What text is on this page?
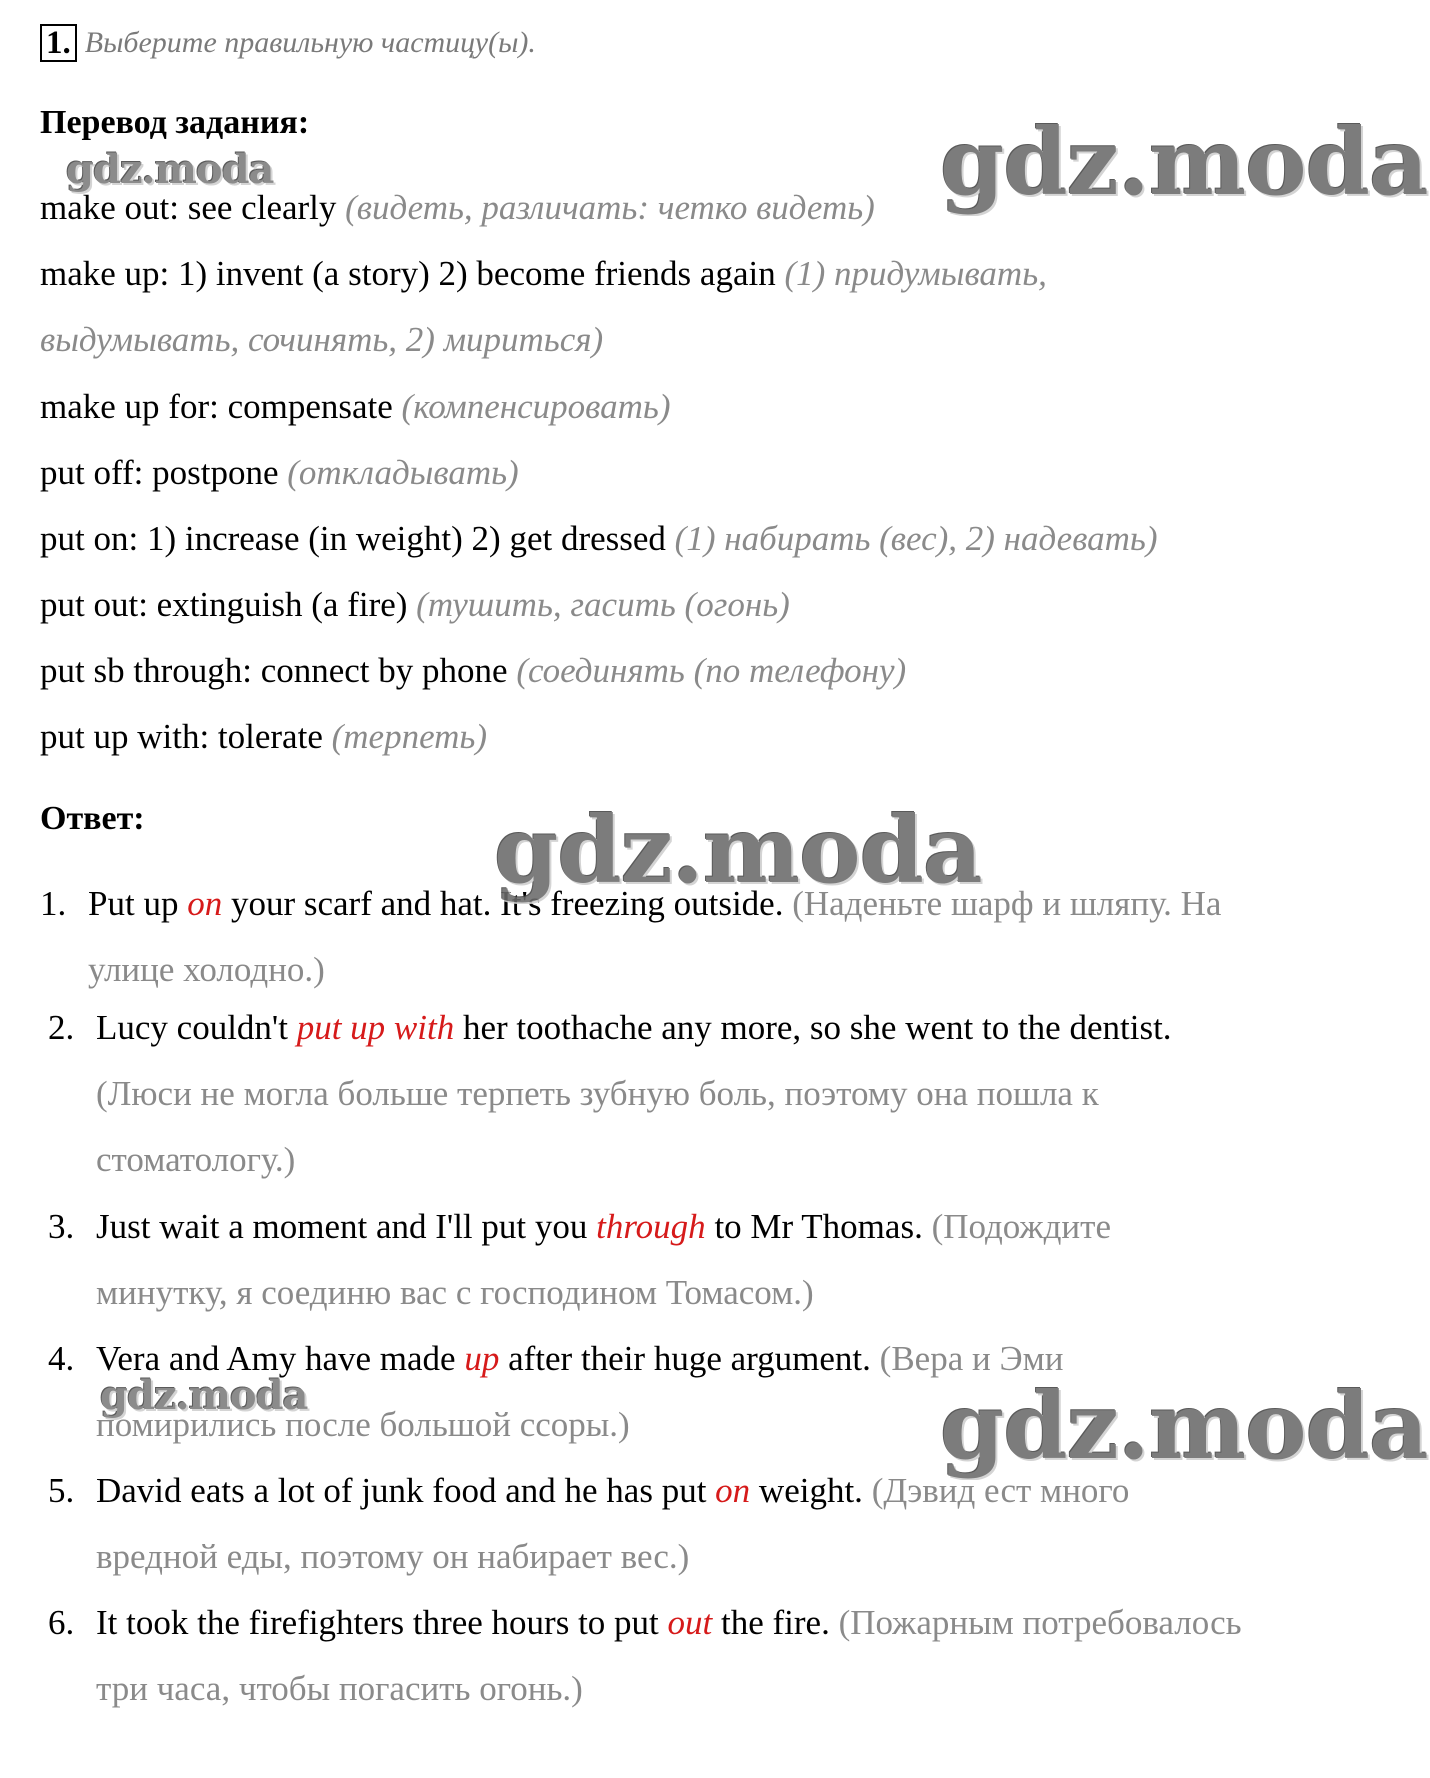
1. Выберите правильную частицу(ы).
Перевод задания:
make out: see clearly (видеть, различать: четко видеть)
make up: 1) invent (a story) 2) become friends again (1) придумывать,
выдумывать, сочинять, 2) мириться)
make up for: compensate (компенсировать)
put off: postpone (откладывать)
put on: 1) increase (in weight) 2) get dressed (1) набирать (вес), 2) надевать)
put out: extinguish (a fire) (тушить, гасить (огонь)
put sb through: connect by phone (соединять (по телефону)
put up with: tolerate (терпеть)
Ответ:
1. Put up on your scarf and hat. It's freezing outside. (Наденьте шарф и шляпу. На
улице холодно.)
2. Lucy couldn't put up with her toothache any more, so she went to the dentist.
(Люси не могла больше терпеть зубную боль, поэтому она пошла к
стоматологу.)
3. Just wait a moment and I'll put you through to Mr Thomas. (Подождите
минутку, я соединю вас с господином Томасом.)
4. Vera and Amy have made up after their huge argument. (Вера и Эми
помирились после большой ссоры.)
5. David eats a lot of junk food and he has put on weight. (Дэвид ест много
вредной еды, поэтому он набирает вес.)
6. It took the firefighters three hours to put out the fire. (Пожарным потребовалось
три часа, чтобы погасить огонь.)
gdz.moda
gdz.moda
gdz.moda
gdz.moda	gdz.moda
